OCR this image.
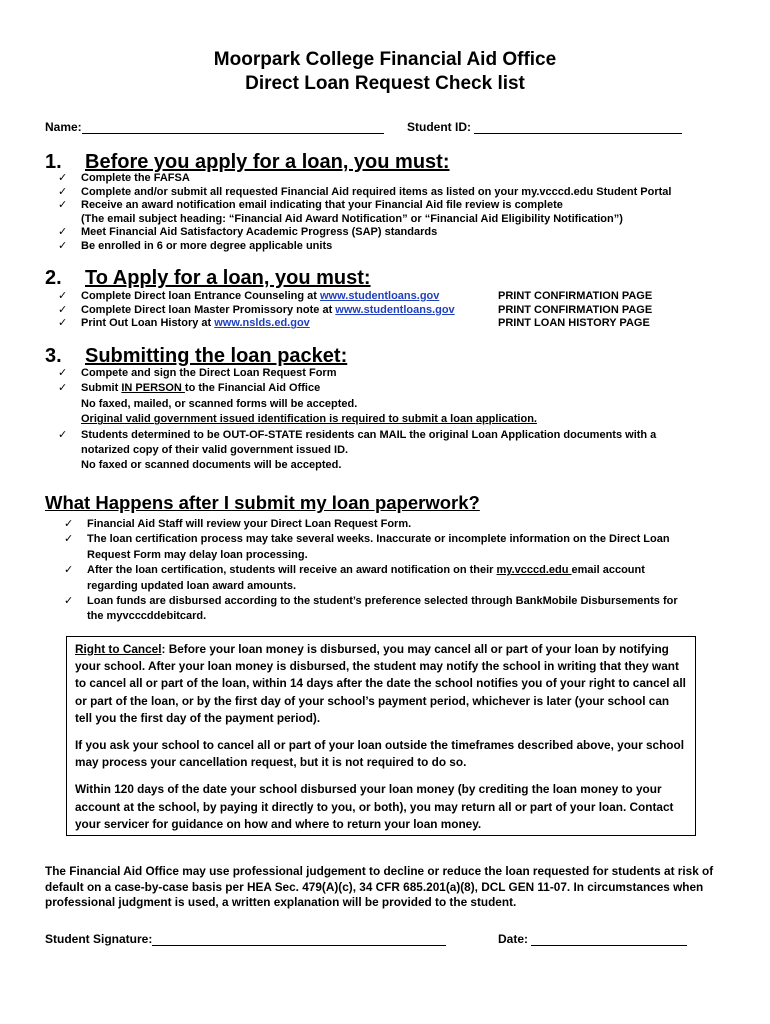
Moorpark College Financial Aid Office
Direct Loan Request Check list
Name:	Student ID:
1. Before you apply for a loan, you must:
✓ Complete the FAFSA
✓ Complete and/or submit all requested Financial Aid required items as listed on your my.vcccd.edu Student Portal
✓ Receive an award notification email indicating that your Financial Aid file review is complete
(The email subject heading: “Financial Aid Award Notification” or “Financial Aid Eligibility Notification”)
✓ Meet Financial Aid Satisfactory Academic Progress (SAP) standards
✓ Be enrolled in 6 or more degree applicable units
2. To Apply for a loan, you must:
✓ Complete Direct loan Entrance Counseling at www.studentloans.gov
✓ Complete Direct loan Master Promissory note at www.studentloans.gov
✓ Print Out Loan History at www.nslds.ed.gov
PRINT CONFIRMATION PAGE
PRINT CONFIRMATION PAGE
PRINT LOAN HISTORY PAGE
3. Submitting the loan packet:
✓ Compete and sign the Direct Loan Request Form
✓ Submit IN PERSON to the Financial Aid Office
No faxed, mailed, or scanned forms will be accepted.
Original valid government issued identification is required to submit a loan application.
✓ Students determined to be OUT-OF-STATE residents can MAIL the original Loan Application documents with a notarized copy of their valid government issued ID.
No faxed or scanned documents will be accepted.
What Happens after I submit my loan paperwork?
✓ Financial Aid Staff will review your Direct Loan Request Form.
✓ The loan certification process may take several weeks. Inaccurate or incomplete information on the Direct Loan Request Form may delay loan processing.
✓ After the loan certification, students will receive an award notification on their my.vcccd.edu email account regarding updated loan award amounts.
✓ Loan funds are disbursed according to the student’s preference selected through BankMobile Disbursements for the myvcccddebitcard.

Right to Cancel: Before your loan money is disbursed, you may cancel all or part of your loan by notifying your school. After your loan money is disbursed, the student may notify the school in writing that they want to cancel all or part of the loan, within 14 days after the date the school notifies you of your right to cancel all or part of the loan, or by the first day of your school’s payment period, whichever is later (your school can tell you the first day of the payment period).

If you ask your school to cancel all or part of your loan outside the timeframes described above, your school may process your cancellation request, but it is not required to do so.

Within 120 days of the date your school disbursed your loan money (by crediting the loan money to your account at the school, by paying it directly to you, or both), you may return all or part of your loan. Contact your servicer for guidance on how and where to return your loan money.

The Financial Aid Office may use professional judgement to decline or reduce the loan requested for students at risk of default on a case-by-case basis per HEA Sec. 479(A)(c), 34 CFR 685.201(a)(8), DCL GEN 11-07. In circumstances when professional judgment is used, a written explanation will be provided to the student.
Student Signature:	Date:
